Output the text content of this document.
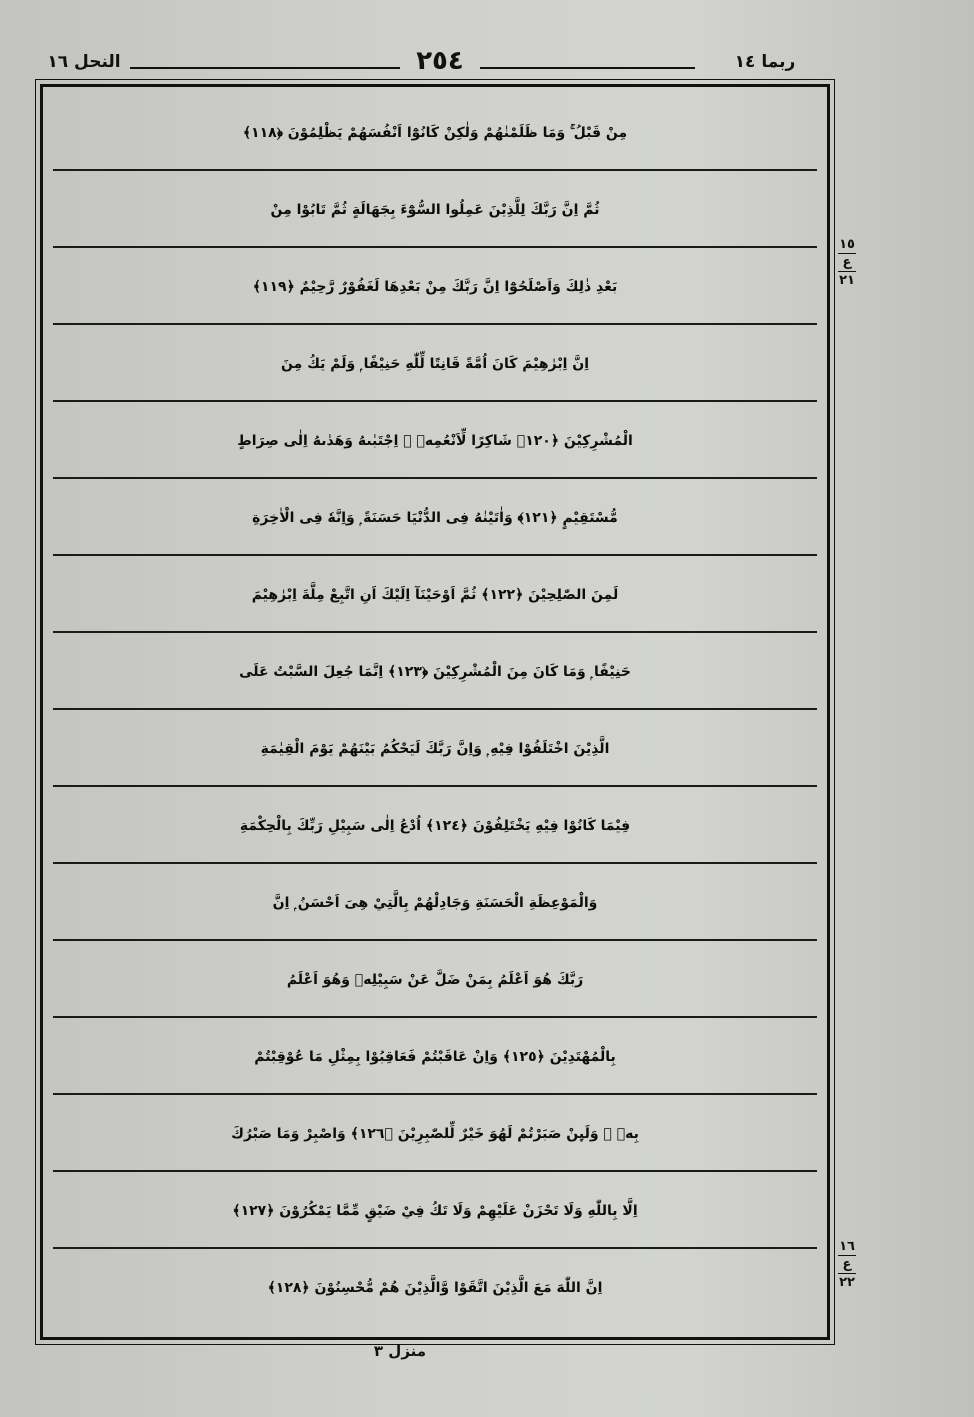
النحل ١٦	٢٥٤	ربما ١٤
مِنْ قَبْلُ ۚ وَمَا ظَلَمْنٰهُمْ وَلٰكِنْ كَانُوْٓا اَنْفُسَهُمْ يَظْلِمُوْنَ ﴿١١٨﴾
ثُمَّ اِنَّ رَبَّكَ لِلَّذِيْنَ عَمِلُوا السُّوْٓءَ بِجَهَالَةٍ ثُمَّ تَابُوْا مِنْ
بَعْدِ ذٰلِكَ وَاَصْلَحُوْٓا اِنَّ رَبَّكَ مِنْ بَعْدِهَا لَغَفُوْرٌ رَّحِيْمٌ ﴿١١٩﴾
اِنَّ اِبْرٰهِيْمَ كَانَ اُمَّةً قَانِتًا لِّلّٰهِ حَنِيْفًا ۭ وَلَمْ يَكُ مِنَ
الْمُشْرِكِيْنَ ﴿١٢٠﴾ شَاكِرًا لِّاَنْعُمِهٖ ۭ اِجْتَبٰىهُ وَهَدٰىهُ اِلٰى صِرَاطٍ
مُّسْتَقِيْمٍ ﴿١٢١﴾ وَاٰتَيْنٰهُ فِى الدُّنْيَا حَسَنَةً ۭ وَاِنَّهٗ فِى الْاٰخِرَةِ
لَمِنَ الصّٰلِحِيْنَ ﴿١٢٢﴾ ثُمَّ اَوْحَيْنَآ اِلَيْكَ اَنِ اتَّبِعْ مِلَّةَ اِبْرٰهِيْمَ
حَنِيْفًا ۭ وَمَا كَانَ مِنَ الْمُشْرِكِيْنَ ﴿١٢٣﴾ اِنَّمَا جُعِلَ السَّبْتُ عَلَى
الَّذِيْنَ اخْتَلَفُوْا فِيْهِ ۭ وَاِنَّ رَبَّكَ لَيَحْكُمُ بَيْنَهُمْ يَوْمَ الْقِيٰمَةِ
فِيْمَا كَانُوْا فِيْهِ يَخْتَلِفُوْنَ ﴿١٢٤﴾ اُدْعُ اِلٰى سَبِيْلِ رَبِّكَ بِالْحِكْمَةِ
وَالْمَوْعِظَةِ الْحَسَنَةِ وَجَادِلْهُمْ بِالَّتِيْ هِىَ اَحْسَنُ ۭ اِنَّ
رَبَّكَ هُوَ اَعْلَمُ بِمَنْ ضَلَّ عَنْ سَبِيْلِهٖ وَهُوَ اَعْلَمُ
بِالْمُهْتَدِيْنَ ﴿١٢٥﴾ وَاِنْ عَاقَبْتُمْ فَعَاقِبُوْا بِمِثْلِ مَا عُوْقِبْتُمْ
بِهٖ ۭ وَلَىِٕنْ صَبَرْتُمْ لَهُوَ خَيْرٌ لِّلصّٰبِرِيْنَ ﴿١٢٦﴾ وَاصْبِرْ وَمَا صَبْرُكَ
اِلَّا بِاللّٰهِ وَلَا تَحْزَنْ عَلَيْهِمْ وَلَا تَكُ فِيْ ضَيْقٍ مِّمَّا يَمْكُرُوْنَ ﴿١٢٧﴾
اِنَّ اللّٰهَ مَعَ الَّذِيْنَ اتَّقَوْا وَّالَّذِيْنَ هُمْ مُّحْسِنُوْنَ ﴿١٢٨﴾
١٥
ع
٢١
١٦
ع
٢٢
منزل ٣
